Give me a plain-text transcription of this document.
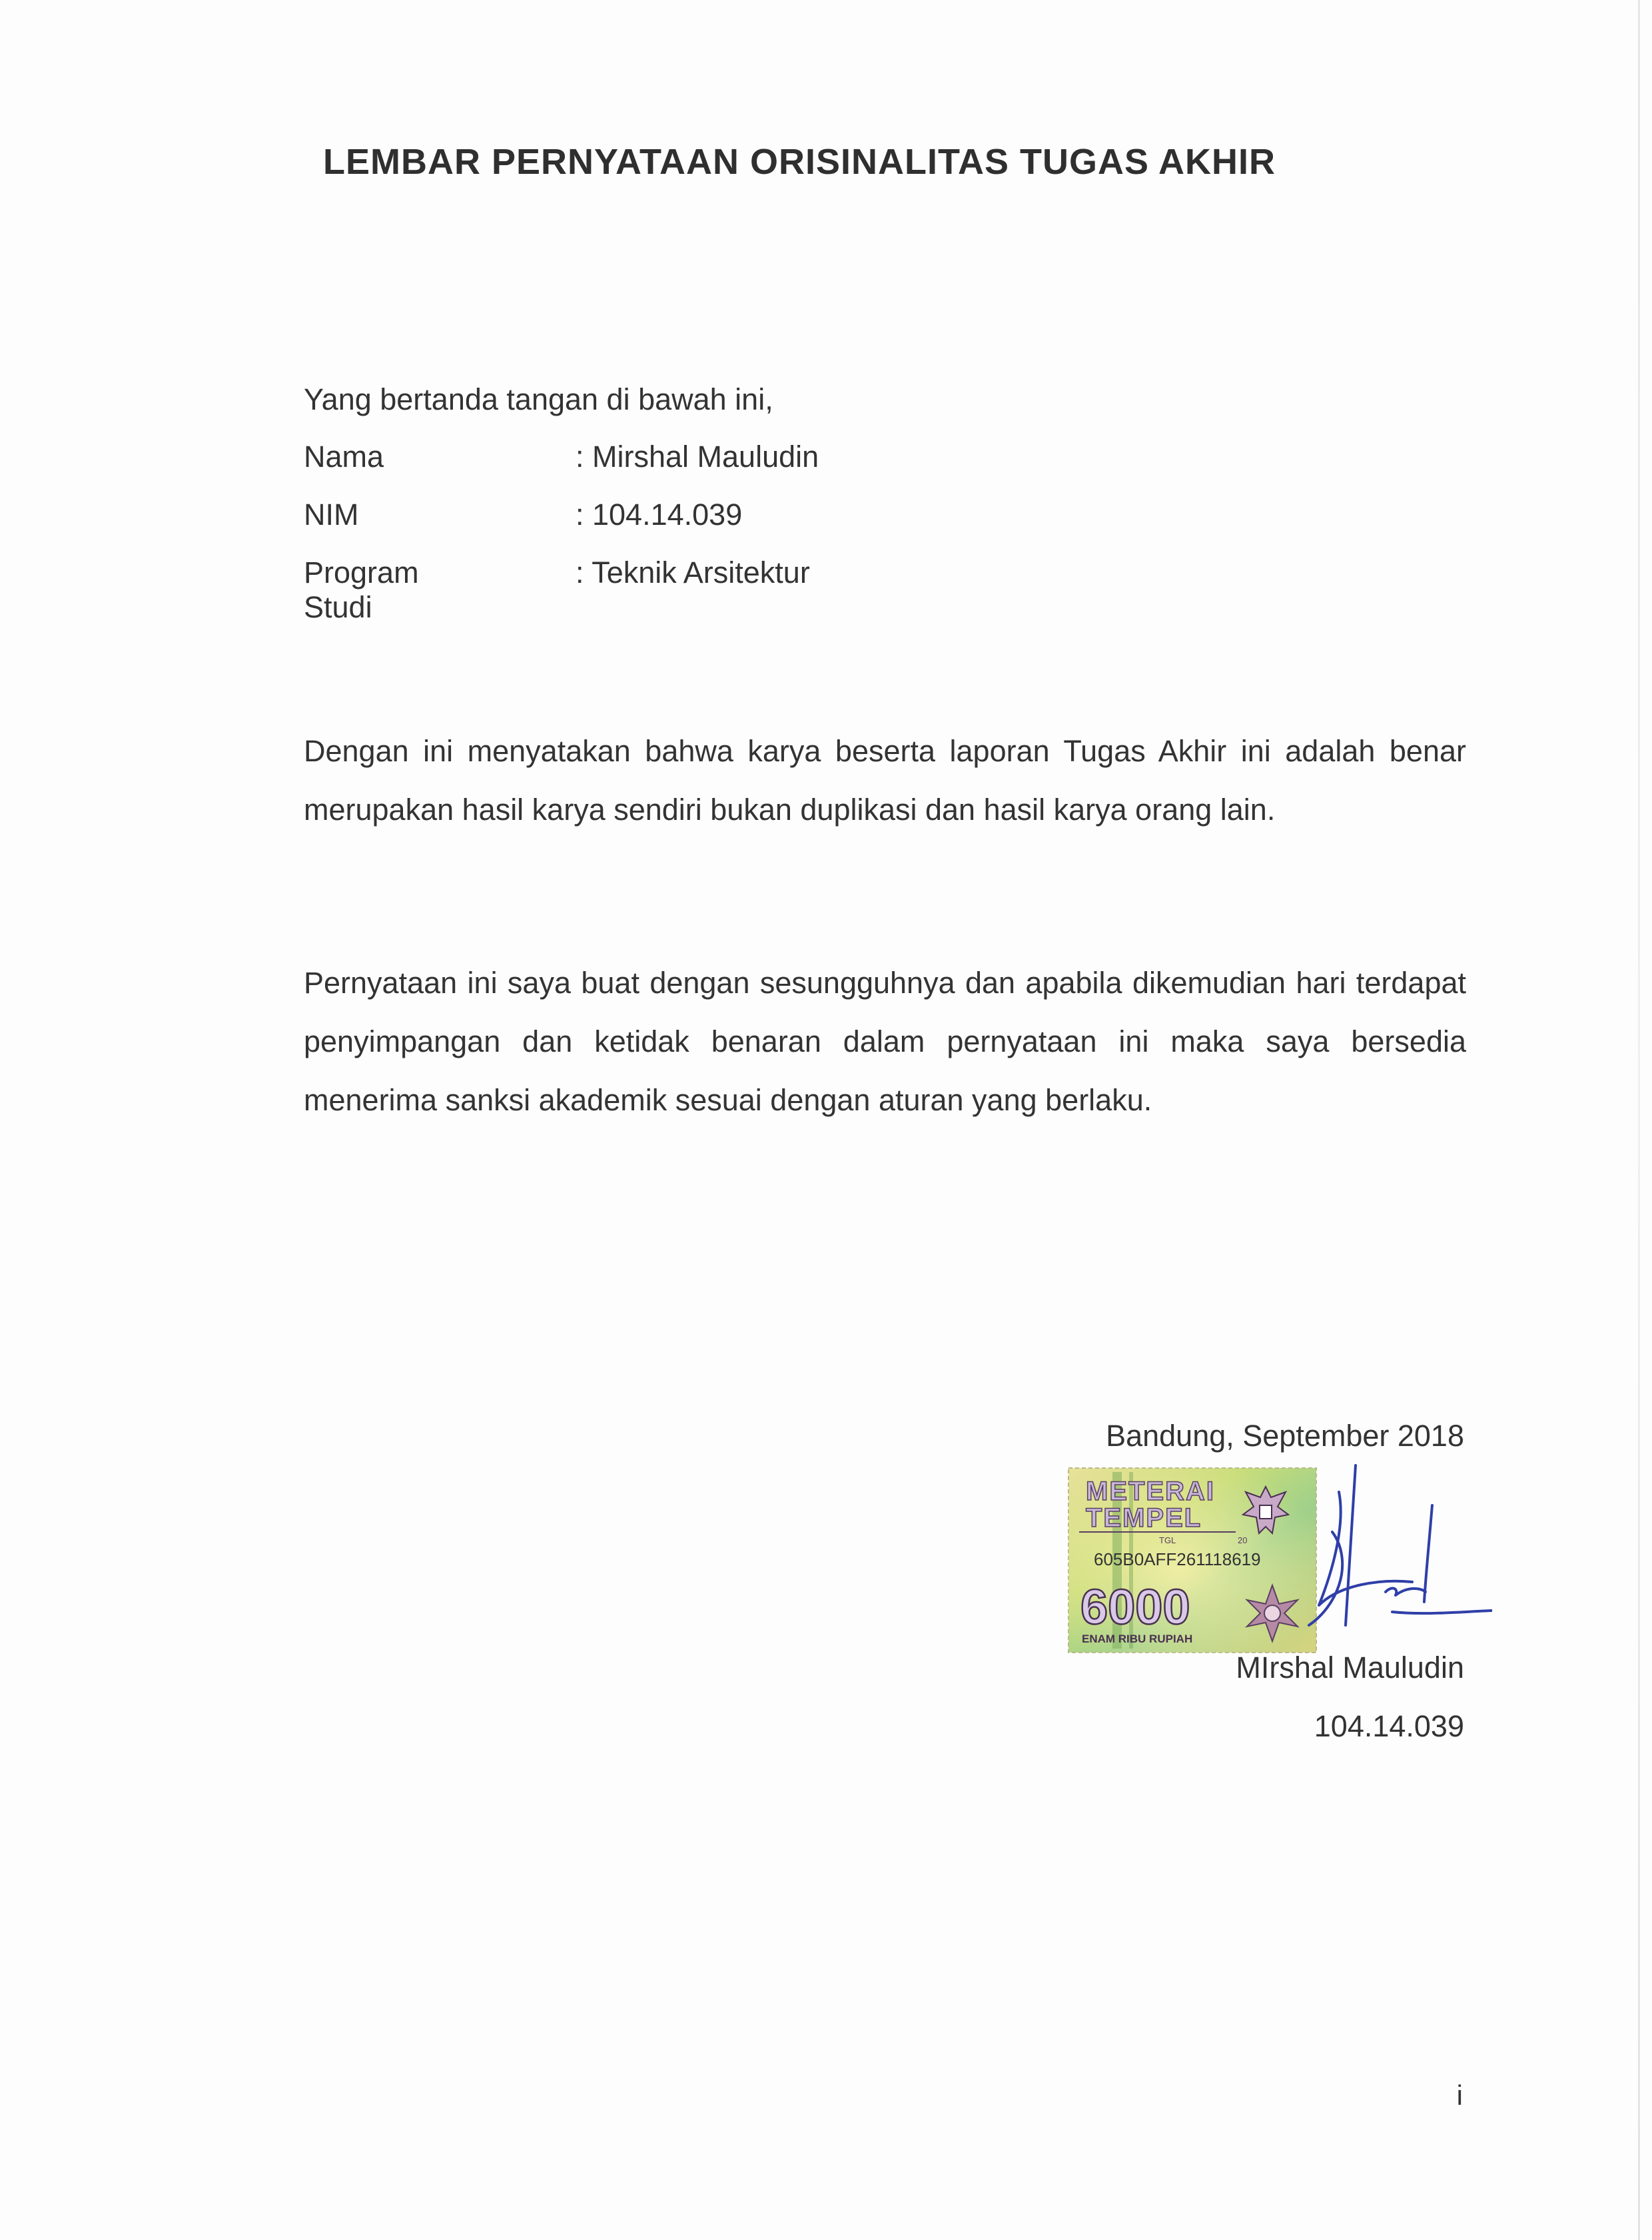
LEMBAR PERNYATAAN ORISINALITAS TUGAS AKHIR
Yang bertanda tangan di bawah ini,
Nama	: Mirshal Mauludin
NIM	: 104.14.039
Program Studi
: Teknik Arsitektur

Dengan ini menyatakan bahwa karya beserta laporan Tugas Akhir ini adalah benar merupakan hasil karya sendiri bukan duplikasi dan hasil karya orang lain.

Pernyataan ini saya buat dengan sesungguhnya dan apabila dikemudian hari terdapat penyimpangan dan ketidak benaran dalam pernyataan ini maka saya bersedia menerima sanksi akademik sesuai dengan aturan yang berlaku.

Bandung, September 2018
METERAI
TEMPEL
TGL	20
605B0AFF261118619
6000
ENAM RIBU RUPIAH
MIrshal Mauludin
104.14.039
i
